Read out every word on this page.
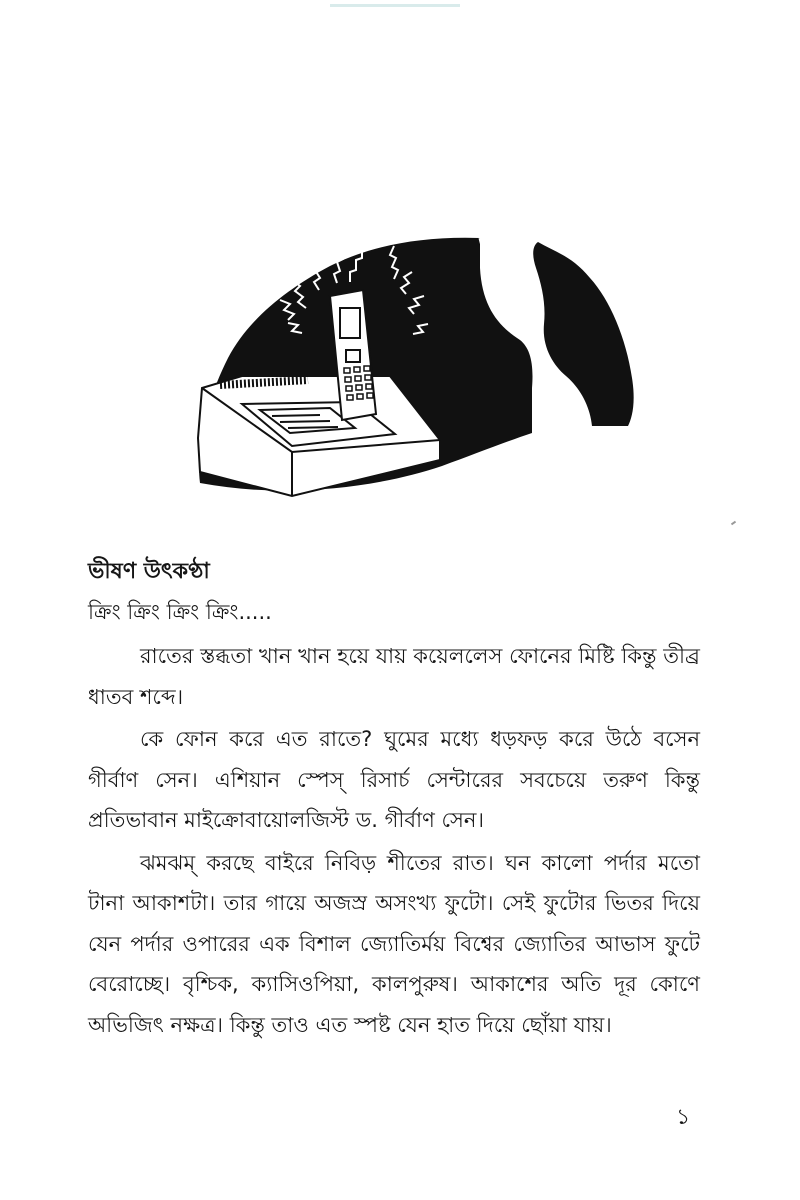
ভীষণ উৎকণ্ঠা

ক্রিং ক্রিং ক্রিং ক্রিং.....

রাতের স্তব্ধতা খান খান হয়ে যায় কয়েললেস ফোনের মিষ্টি কিন্তু তীব্র ধাতব শব্দে।

কে ফোন করে এত রাতে? ঘুমের মধ্যে ধড়ফড় করে উঠে বসেন গীর্বাণ সেন। এশিয়ান স্পেস্ রিসার্চ সেন্টারের সবচেয়ে তরুণ কিন্তু প্রতিভাবান মাইক্রোবায়োলজিস্ট ড. গীর্বাণ সেন।

ঝমঝম্ করছে বাইরে নিবিড় শীতের রাত। ঘন কালো পর্দার মতো টানা আকাশটা। তার গায়ে অজস্র অসংখ্য ফুটো। সেই ফুটোর ভিতর দিয়ে যেন পর্দার ওপারের এক বিশাল জ্যোতির্ময় বিশ্বের জ্যোতির আভাস ফুটে বেরোচ্ছে। বৃশ্চিক, ক্যাসিওপিয়া, কালপুরুষ। আকাশের অতি দূর কোণে অভিজিৎ নক্ষত্র। কিন্তু তাও এত স্পষ্ট যেন হাত দিয়ে ছোঁয়া যায়।

১
